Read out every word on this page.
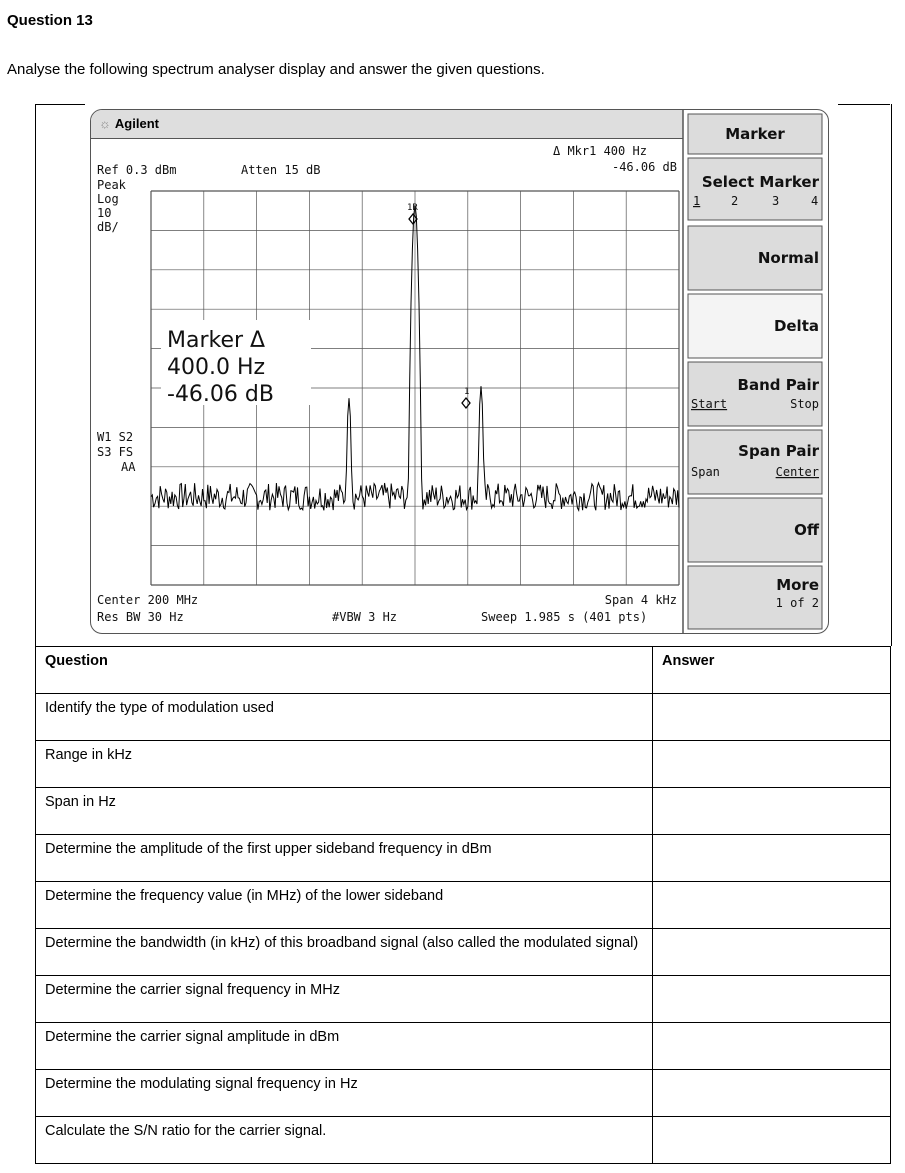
Question 13
Analyse the following spectrum analyser display and answer the given questions.
☼ Agilent
Δ Mkr1 400 Hz
-46.06 dB
Ref 0.3 dBm	Atten 15 dB
Peak
Log
10
dB/
W1 S2
S3 FS
AA
1R
1
Marker Δ
400.0 Hz
-46.06 dB
Center 200 MHz	Span 4 kHz
Res BW 30 Hz	#VBW 3 Hz	Sweep 1.985 s (401 pts)
Marker
Select Marker
1	2	3	4
Normal
Delta
Band Pair
Start	Stop
Span Pair
Span	Center
Off
More
1 of 2
Question	Answer
Identify the type of modulation used	
Range in kHz	
Span in Hz	
Determine the amplitude of the first upper sideband frequency in dBm	
Determine the frequency value (in MHz) of the lower sideband	
Determine the bandwidth (in kHz) of this broadband signal (also called the modulated signal)	
Determine the carrier signal frequency in MHz	
Determine the carrier signal amplitude in dBm	
Determine the modulating signal frequency in Hz	
Calculate the S/N ratio for the carrier signal.	
